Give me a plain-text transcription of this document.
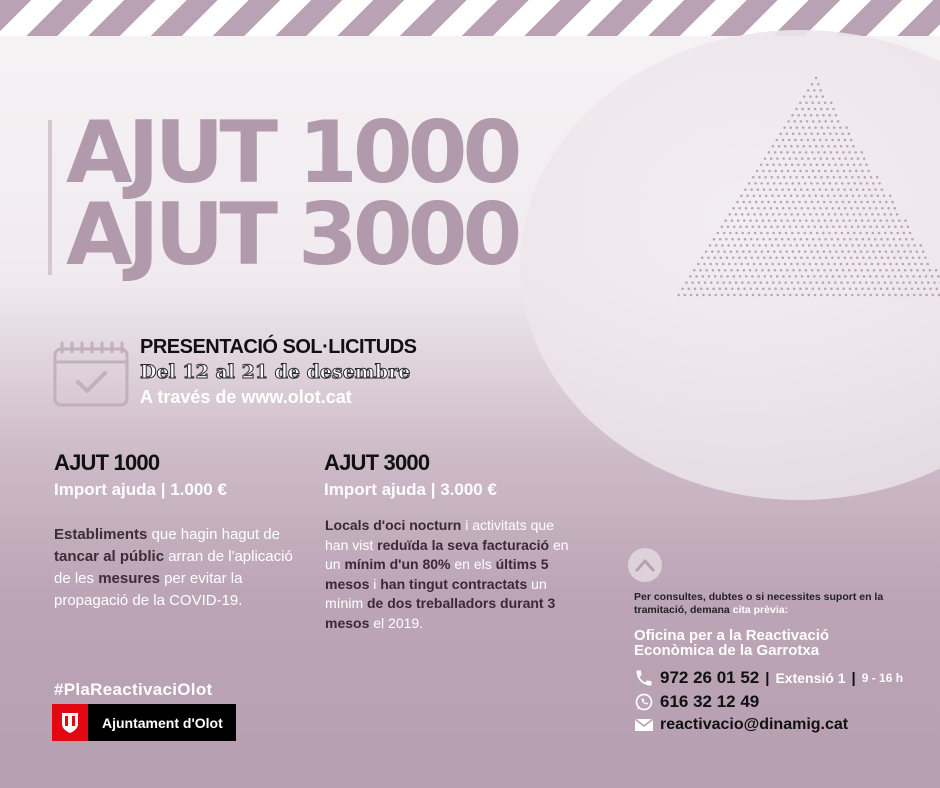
AJUT 1000
AJUT 3000
PRESENTACIÓ SOL·LICITUDS
Del 12 al 21 de desembre
A través de www.olot.cat
AJUT 1000
Import ajuda | 1.000 €

Establiments que hagin hagut de tancar al públic arran de l'aplicació de les mesures per evitar la propagació de la COVID-19.

AJUT 3000
Import ajuda | 3.000 €

Locals d'oci nocturn i activitats que han vist reduïda la seva facturació en un mínim d'un 80% en els últims 5 mesos i han tingut contractats un mínim de dos treballadors durant 3 mesos el 2019.

#PlaReactivaciOlot
Ajuntament d'Olot
Per consultes, dubtes o si necessites suport en la tramitació, demana cita prèvia:
Oficina per a la Reactivació
Econòmica de la Garrotxa
972 26 01 52 | Extensió 1 | 9 - 16 h
616 32 12 49
reactivacio@dinamig.cat
